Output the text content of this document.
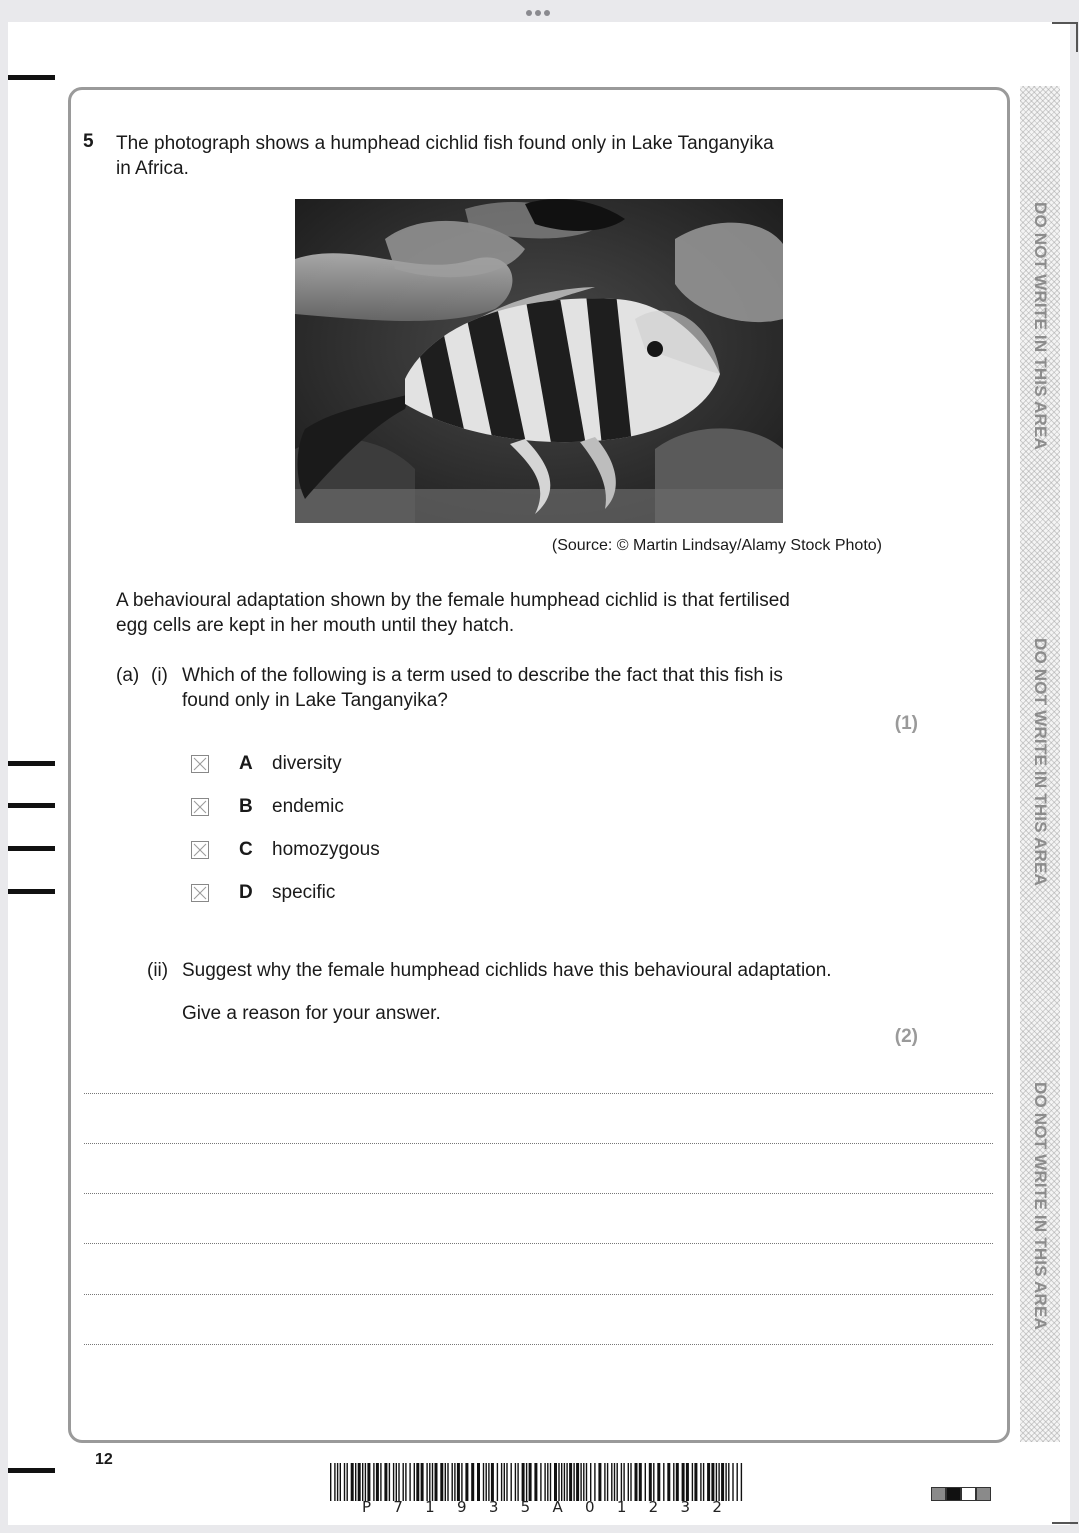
DO NOT WRITE IN THIS AREA
DO NOT WRITE IN THIS AREA
DO NOT WRITE IN THIS AREA
5 The photograph shows a humphead cichlid fish found only in Lake Tanganyika
in Africa.
(Source: © Martin Lindsay/Alamy Stock Photo)
A behavioural adaptation shown by the female humphead cichlid is that fertilised
egg cells are kept in her mouth until they hatch.
(a) (i) Which of the following is a term used to describe the fact that this fish is
found only in Lake Tanganyika?
(1)
A diversity
B endemic
C homozygous
D specific
(ii) Suggest why the female humphead cichlids have this behavioural adaptation.
Give a reason for your answer.
(2)
12
P 7 1 9 3 5 A 0 1 2 3 2
